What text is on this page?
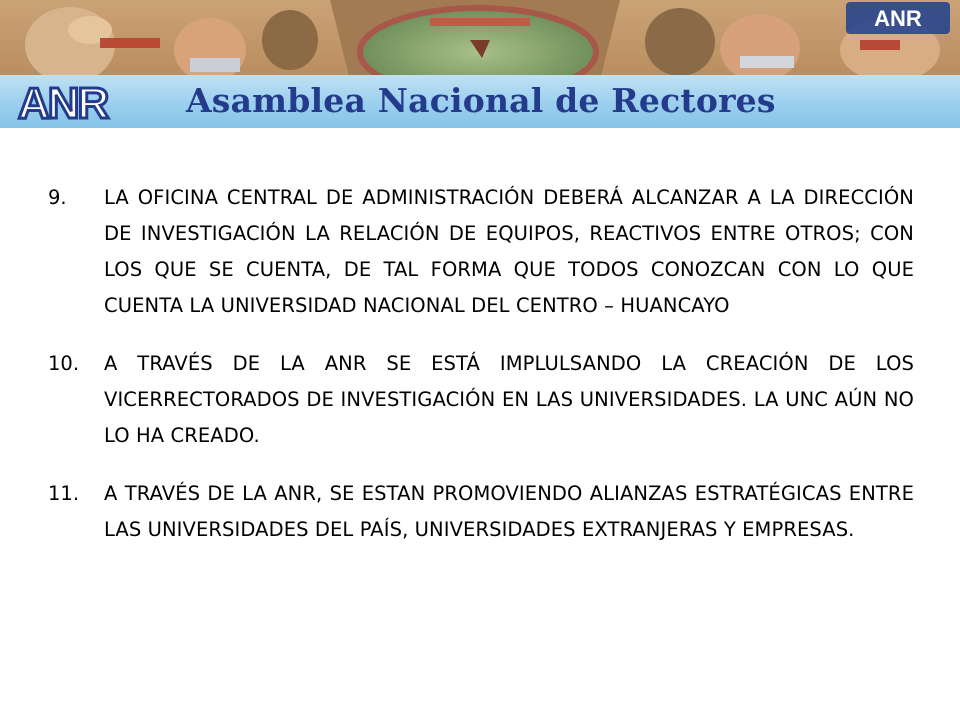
ANR
ANR Asamblea Nacional de Rectores
9.	LA OFICINA CENTRAL DE ADMINISTRACIÓN DEBERÁ ALCANZAR A LA DIRECCIÓN DE INVESTIGACIÓN LA RELACIÓN DE EQUIPOS, REACTIVOS ENTRE OTROS; CON LOS QUE SE CUENTA, DE TAL FORMA QUE TODOS CONOZCAN CON LO QUE CUENTA LA UNIVERSIDAD NACIONAL DEL CENTRO – HUANCAYO
10.	A TRAVÉS DE LA ANR SE ESTÁ IMPLULSANDO LA CREACIÓN DE LOS VICERRECTORADOS DE INVESTIGACIÓN EN LAS UNIVERSIDADES. LA UNC AÚN NO LO HA CREADO.
11.	A TRAVÉS DE LA ANR, SE ESTAN PROMOVIENDO ALIANZAS ESTRATÉGICAS ENTRE LAS UNIVERSIDADES DEL PAÍS, UNIVERSIDADES EXTRANJERAS Y EMPRESAS.
